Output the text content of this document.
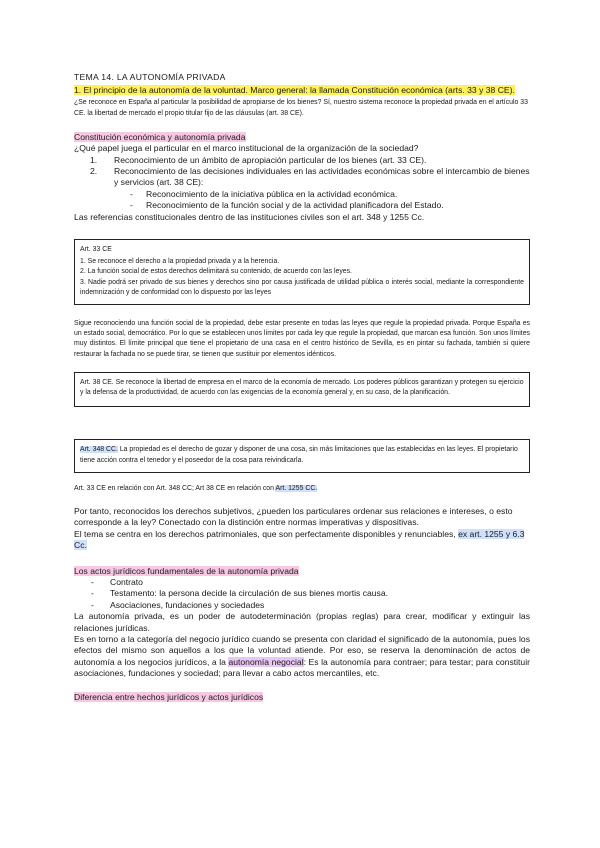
TEMA 14. LA AUTONOMÍA PRIVADA

1. El principio de la autonomía de la voluntad. Marco general: la llamada Constitución económica (arts. 33 y 38 CE).

¿Se reconoce en España al particular la posibilidad de apropiarse de los bienes? Sí, nuestro sistema reconoce la propiedad privada en el artículo 33 CE. la libertad de mercado el propio titular fijo de las cláusulas (art. 38 CE).

Constitución económica y autonomía privada

¿Qué papel juega el particular en el marco institucional de la organización de la sociedad?

1. Reconocimiento de un ámbito de apropiación particular de los bienes (art. 33 CE).
2. Reconocimiento de las decisiones individuales en las actividades económicas sobre el intercambio de bienes y servicios (art. 38 CE):
- Reconocimiento de la iniciativa pública en la actividad económica.
- Reconocimiento de la función social y de la actividad planificadora del Estado.

Las referencias constitucionales dentro de las instituciones civiles son el art. 348 y 1255 Cc.

Art. 33 CE
1. Se reconoce el derecho a la propiedad privada y a la herencia.
2. La función social de estos derechos delimitará su contenido, de acuerdo con las leyes.
3. Nadie podrá ser privado de sus bienes y derechos sino por causa justificada de utilidad pública o interés social, mediante la correspondiente indemnización y de conformidad con lo dispuesto por las leyes

Sigue reconociendo una función social de la propiedad, debe estar presente en todas las leyes que regule la propiedad privada. Porque España es un estado social, democrático. Por lo que se establecen unos límites por cada ley que regule la propiedad, que marcan esa función. Son unos límites muy distintos. El límite principal que tiene el propietario de una casa en el centro histórico de Sevilla, es en pintar su fachada, también si quiere restaurar la fachada no se puede tirar, se tienen que sustituir por elementos idénticos.

Art. 38 CE. Se reconoce la libertad de empresa en el marco de la economía de mercado. Los poderes públicos garantizan y protegen su ejercicio y la defensa de la productividad, de acuerdo con las exigencias de la economía general y, en su caso, de la planificación.
Art. 348 CC. La propiedad es el derecho de gozar y disponer de una cosa, sin más limitaciones que las establecidas en las leyes. El propietario tiene acción contra el tenedor y el poseedor de la cosa para reivindicarla.

Art. 33 CE en relación con Art. 348 CC; Art 38 CE en relación con Art. 1255 CC.

Por tanto, reconocidos los derechos subjetivos, ¿pueden los particulares ordenar sus relaciones e intereses, o esto corresponde a la ley? Conectado con la distinción entre normas imperativas y dispositivas.

El tema se centra en los derechos patrimoniales, que son perfectamente disponibles y renunciables, ex art. 1255 y 6.3 Cc.

Los actos jurídicos fundamentales de la autonomía privada

- Contrato
- Testamento: la persona decide la circulación de sus bienes mortis causa.
- Asociaciones, fundaciones y sociedades

La autonomía privada, es un poder de autodeterminación (propias reglas) para crear, modificar y extinguir las relaciones jurídicas.

Es en torno a la categoría del negocio jurídico cuando se presenta con claridad el significado de la autonomía, pues los efectos del mismo son aquellos a los que la voluntad atiende. Por eso, se reserva la denominación de actos de autonomía a los negocios jurídicos, a la autonomía negocial: Es la autonomía para contraer; para testar; para constituir asociaciones, fundaciones y sociedad; para llevar a cabo actos mercantiles, etc.

Diferencia entre hechos jurídicos y actos jurídicos
